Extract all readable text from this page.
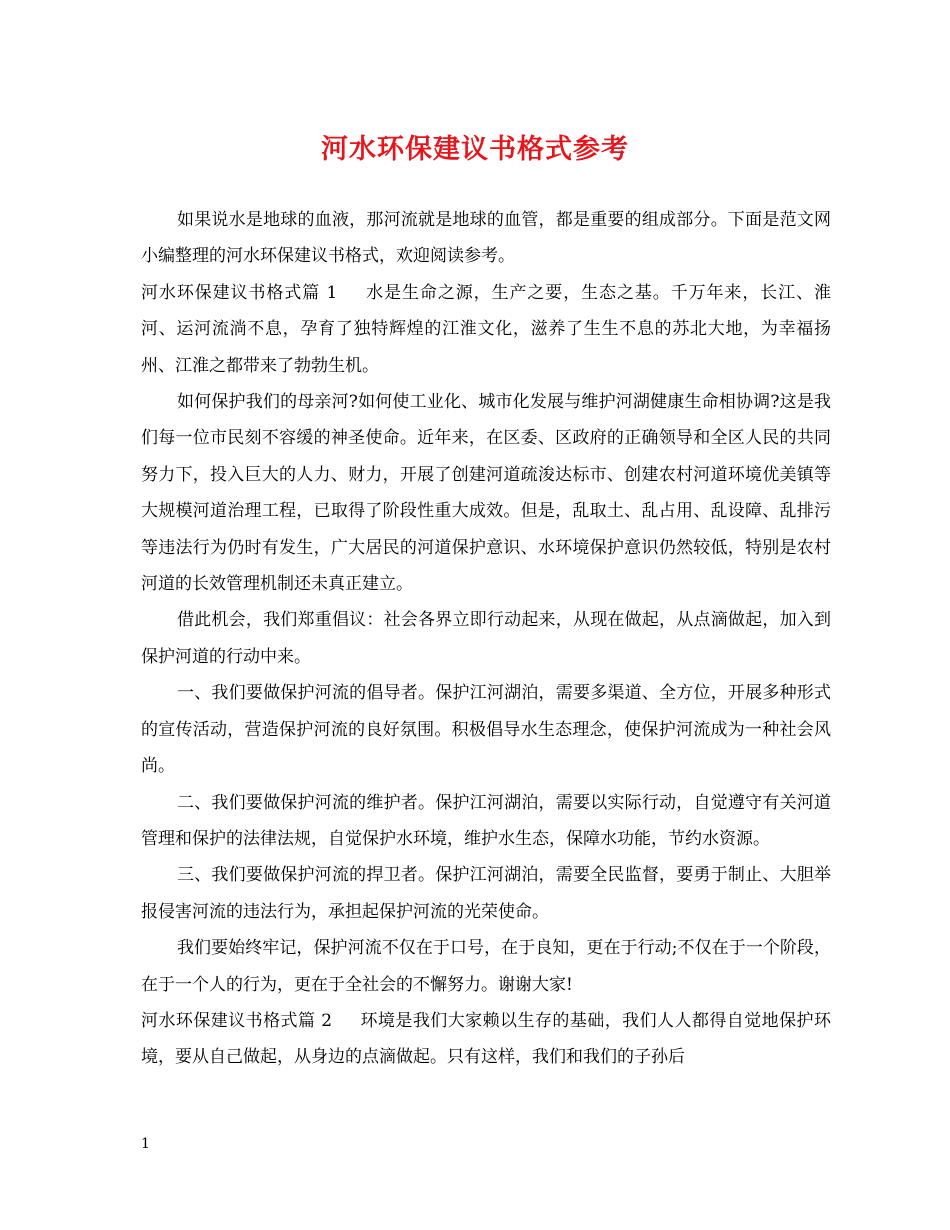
河水环保建议书格式参考

如果说水是地球的血液，那河流就是地球的血管，都是重要的组成部分。下面是范文网小编整理的河水环保建议书格式，欢迎阅读参考。

河水环保建议书格式篇 1 水是生命之源，生产之要，生态之基。千万年来，长江、淮河、运河流淌不息，孕育了独特辉煌的江淮文化，滋养了生生不息的苏北大地，为幸福扬州、江淮之都带来了勃勃生机。

如何保护我们的母亲河?如何使工业化、城市化发展与维护河湖健康生命相协调?这是我们每一位市民刻不容缓的神圣使命。近年来，在区委、区政府的正确领导和全区人民的共同努力下，投入巨大的人力、财力，开展了创建河道疏浚达标市、创建农村河道环境优美镇等大规模河道治理工程，已取得了阶段性重大成效。但是，乱取土、乱占用、乱设障、乱排污等违法行为仍时有发生，广大居民的河道保护意识、水环境保护意识仍然较低，特别是农村河道的长效管理机制还未真正建立。

借此机会，我们郑重倡议：社会各界立即行动起来，从现在做起，从点滴做起，加入到保护河道的行动中来。

一、我们要做保护河流的倡导者。保护江河湖泊，需要多渠道、全方位，开展多种形式的宣传活动，营造保护河流的良好氛围。积极倡导水生态理念，使保护河流成为一种社会风尚。

二、我们要做保护河流的维护者。保护江河湖泊，需要以实际行动，自觉遵守有关河道管理和保护的法律法规，自觉保护水环境，维护水生态，保障水功能，节约水资源。

三、我们要做保护河流的捍卫者。保护江河湖泊，需要全民监督，要勇于制止、大胆举报侵害河流的违法行为，承担起保护河流的光荣使命。

我们要始终牢记，保护河流不仅在于口号，在于良知，更在于行动;不仅在于一个阶段，在于一个人的行为，更在于全社会的不懈努力。谢谢大家!

河水环保建议书格式篇 2 环境是我们大家赖以生存的基础，我们人人都得自觉地保护环境，要从自己做起，从身边的点滴做起。只有这样，我们和我们的子孙后

1
